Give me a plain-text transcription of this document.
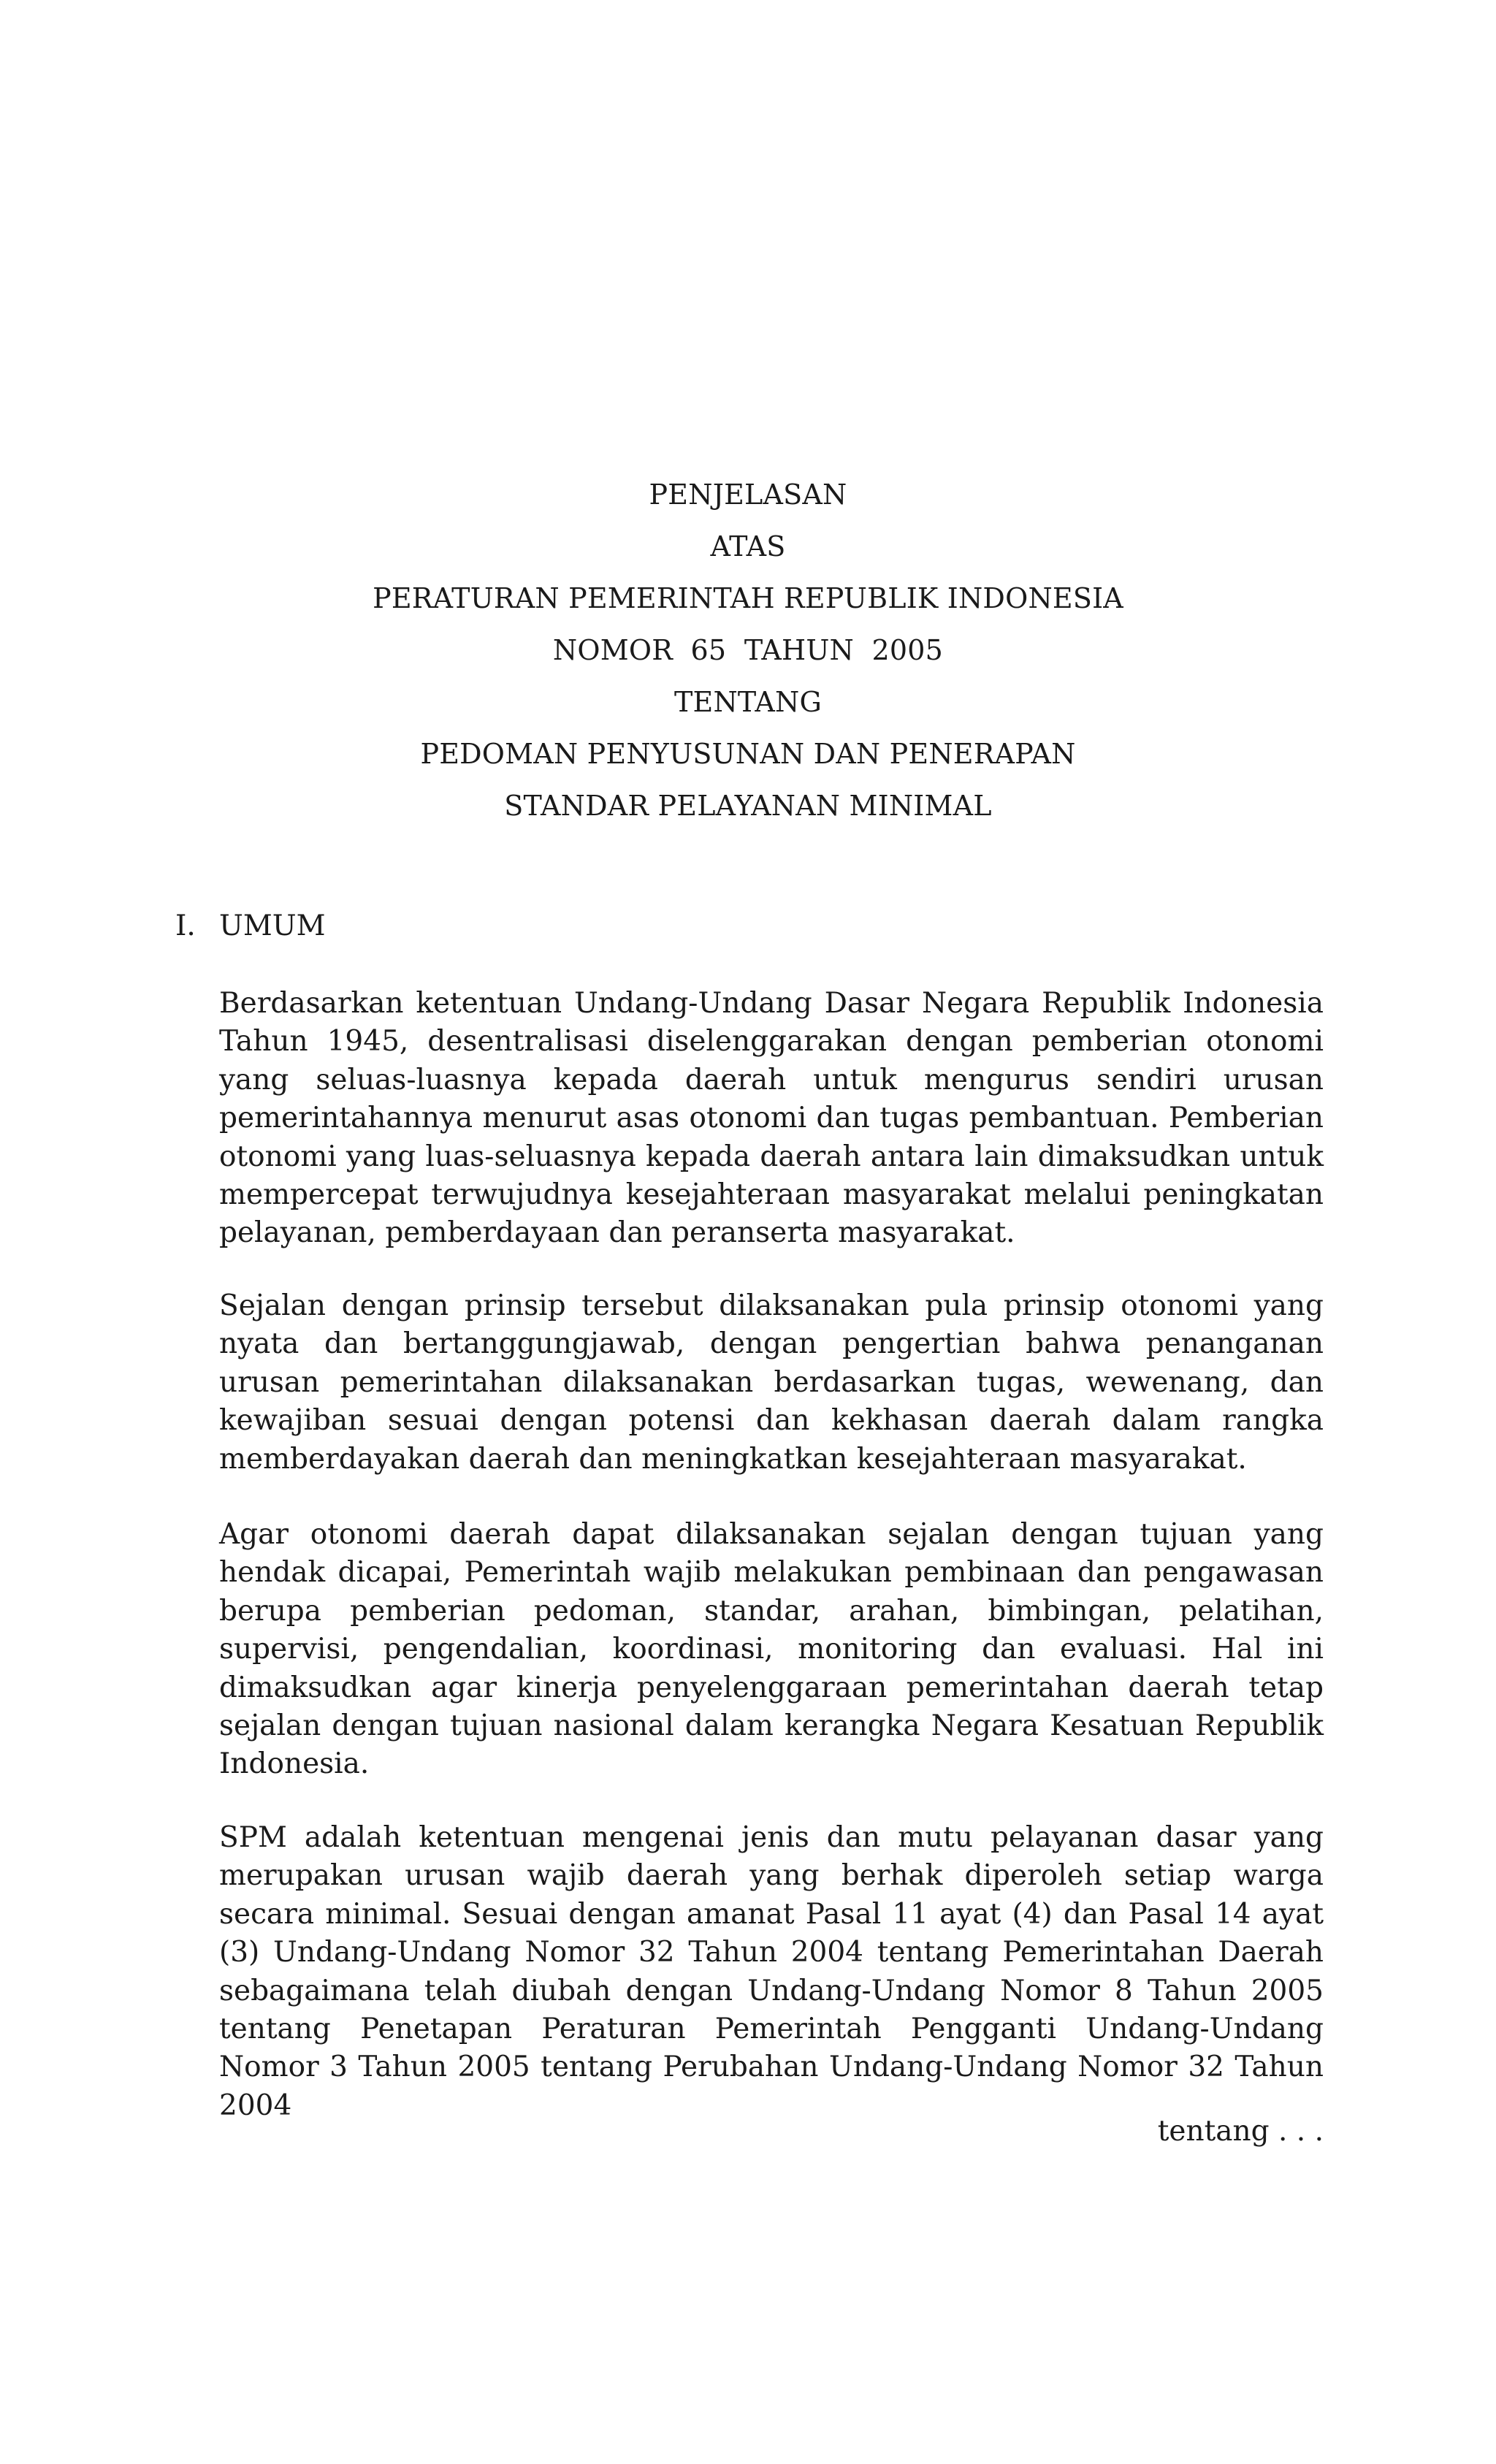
PENJELASAN
ATAS
PERATURAN PEMERINTAH REPUBLIK INDONESIA
NOMOR  65  TAHUN  2005
TENTANG
PEDOMAN PENYUSUNAN DAN PENERAPAN
STANDAR PELAYANAN MINIMAL
I. UMUM

Berdasarkan ketentuan Undang-Undang Dasar Negara Republik Indonesia Tahun 1945, desentralisasi diselenggarakan dengan pemberian otonomi yang seluas-luasnya kepada daerah untuk mengurus sendiri urusan pemerintahannya menurut asas otonomi dan tugas pembantuan. Pemberian otonomi yang luas-seluasnya kepada daerah antara lain dimaksudkan untuk mempercepat terwujudnya kesejahteraan masyarakat melalui peningkatan pelayanan, pemberdayaan dan peranserta masyarakat.

Sejalan dengan prinsip tersebut dilaksanakan pula prinsip otonomi yang nyata dan bertanggungjawab, dengan pengertian bahwa penanganan urusan pemerintahan dilaksanakan berdasarkan tugas, wewenang, dan kewajiban sesuai dengan potensi dan kekhasan daerah dalam rangka memberdayakan daerah dan meningkatkan kesejahteraan masyarakat.

Agar otonomi daerah dapat dilaksanakan sejalan dengan tujuan yang hendak dicapai, Pemerintah wajib melakukan pembinaan dan pengawasan berupa pemberian pedoman, standar, arahan, bimbingan, pelatihan, supervisi, pengendalian, koordinasi, monitoring dan evaluasi. Hal ini dimaksudkan agar kinerja penyelenggaraan pemerintahan daerah tetap sejalan dengan tujuan nasional dalam kerangka Negara Kesatuan Republik Indonesia.

SPM adalah ketentuan mengenai jenis dan mutu pelayanan dasar yang merupakan urusan wajib daerah yang berhak diperoleh setiap warga secara minimal. Sesuai dengan amanat Pasal 11 ayat (4) dan Pasal 14 ayat (3) Undang-Undang Nomor 32 Tahun 2004 tentang Pemerintahan Daerah sebagaimana telah diubah dengan Undang-Undang Nomor 8 Tahun 2005 tentang Penetapan Peraturan Pemerintah Pengganti Undang-Undang Nomor 3 Tahun 2005 tentang Perubahan Undang-Undang Nomor 32 Tahun 2004

tentang . . .
